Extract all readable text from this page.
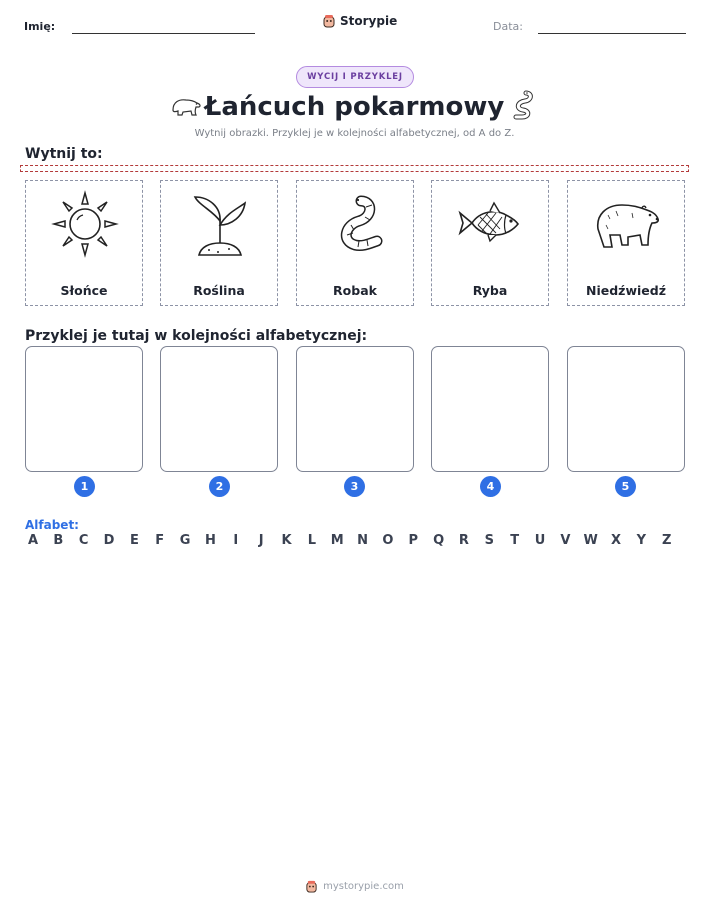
Imię:	Storypie	Data:
WYCIJ I PRZYKLEJ
Łańcuch pokarmowy
Wytnij obrazki. Przyklej je w kolejności alfabetycznej, od A do Z.
Wytnij to:
Słońce	Roślina	Robak	Ryba	Niedźwiedź
Przyklej je tutaj w kolejności alfabetycznej:
1	2	3	4	5
Alfabet:
A	B	C	D	E	F	G	H	I	J	K	L	M	N	O	P	Q	R	S	T	U	V	W	X	Y	Z
mystorypie.com
